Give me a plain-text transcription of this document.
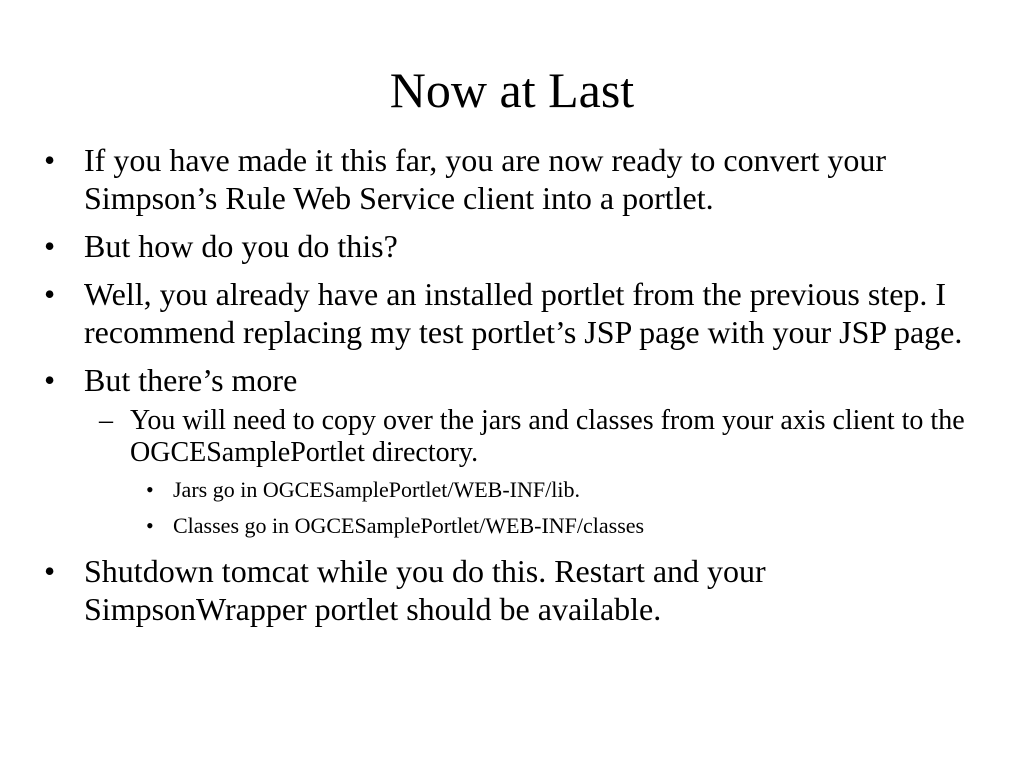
Now at Last
• If you have made it this far, you are now ready to convert your Simpson’s Rule Web Service client into a portlet.
• But how do you do this?
• Well, you already have an installed portlet from the previous step. I recommend replacing my test portlet’s JSP page with your JSP page.
• But there’s more
– You will need to copy over the jars and classes from your axis client to the OGCESamplePortlet directory.
• Jars go in OGCESamplePortlet/WEB-INF/lib.
• Classes go in OGCESamplePortlet/WEB-INF/classes
• Shutdown tomcat while you do this. Restart and your SimpsonWrapper portlet should be available.
